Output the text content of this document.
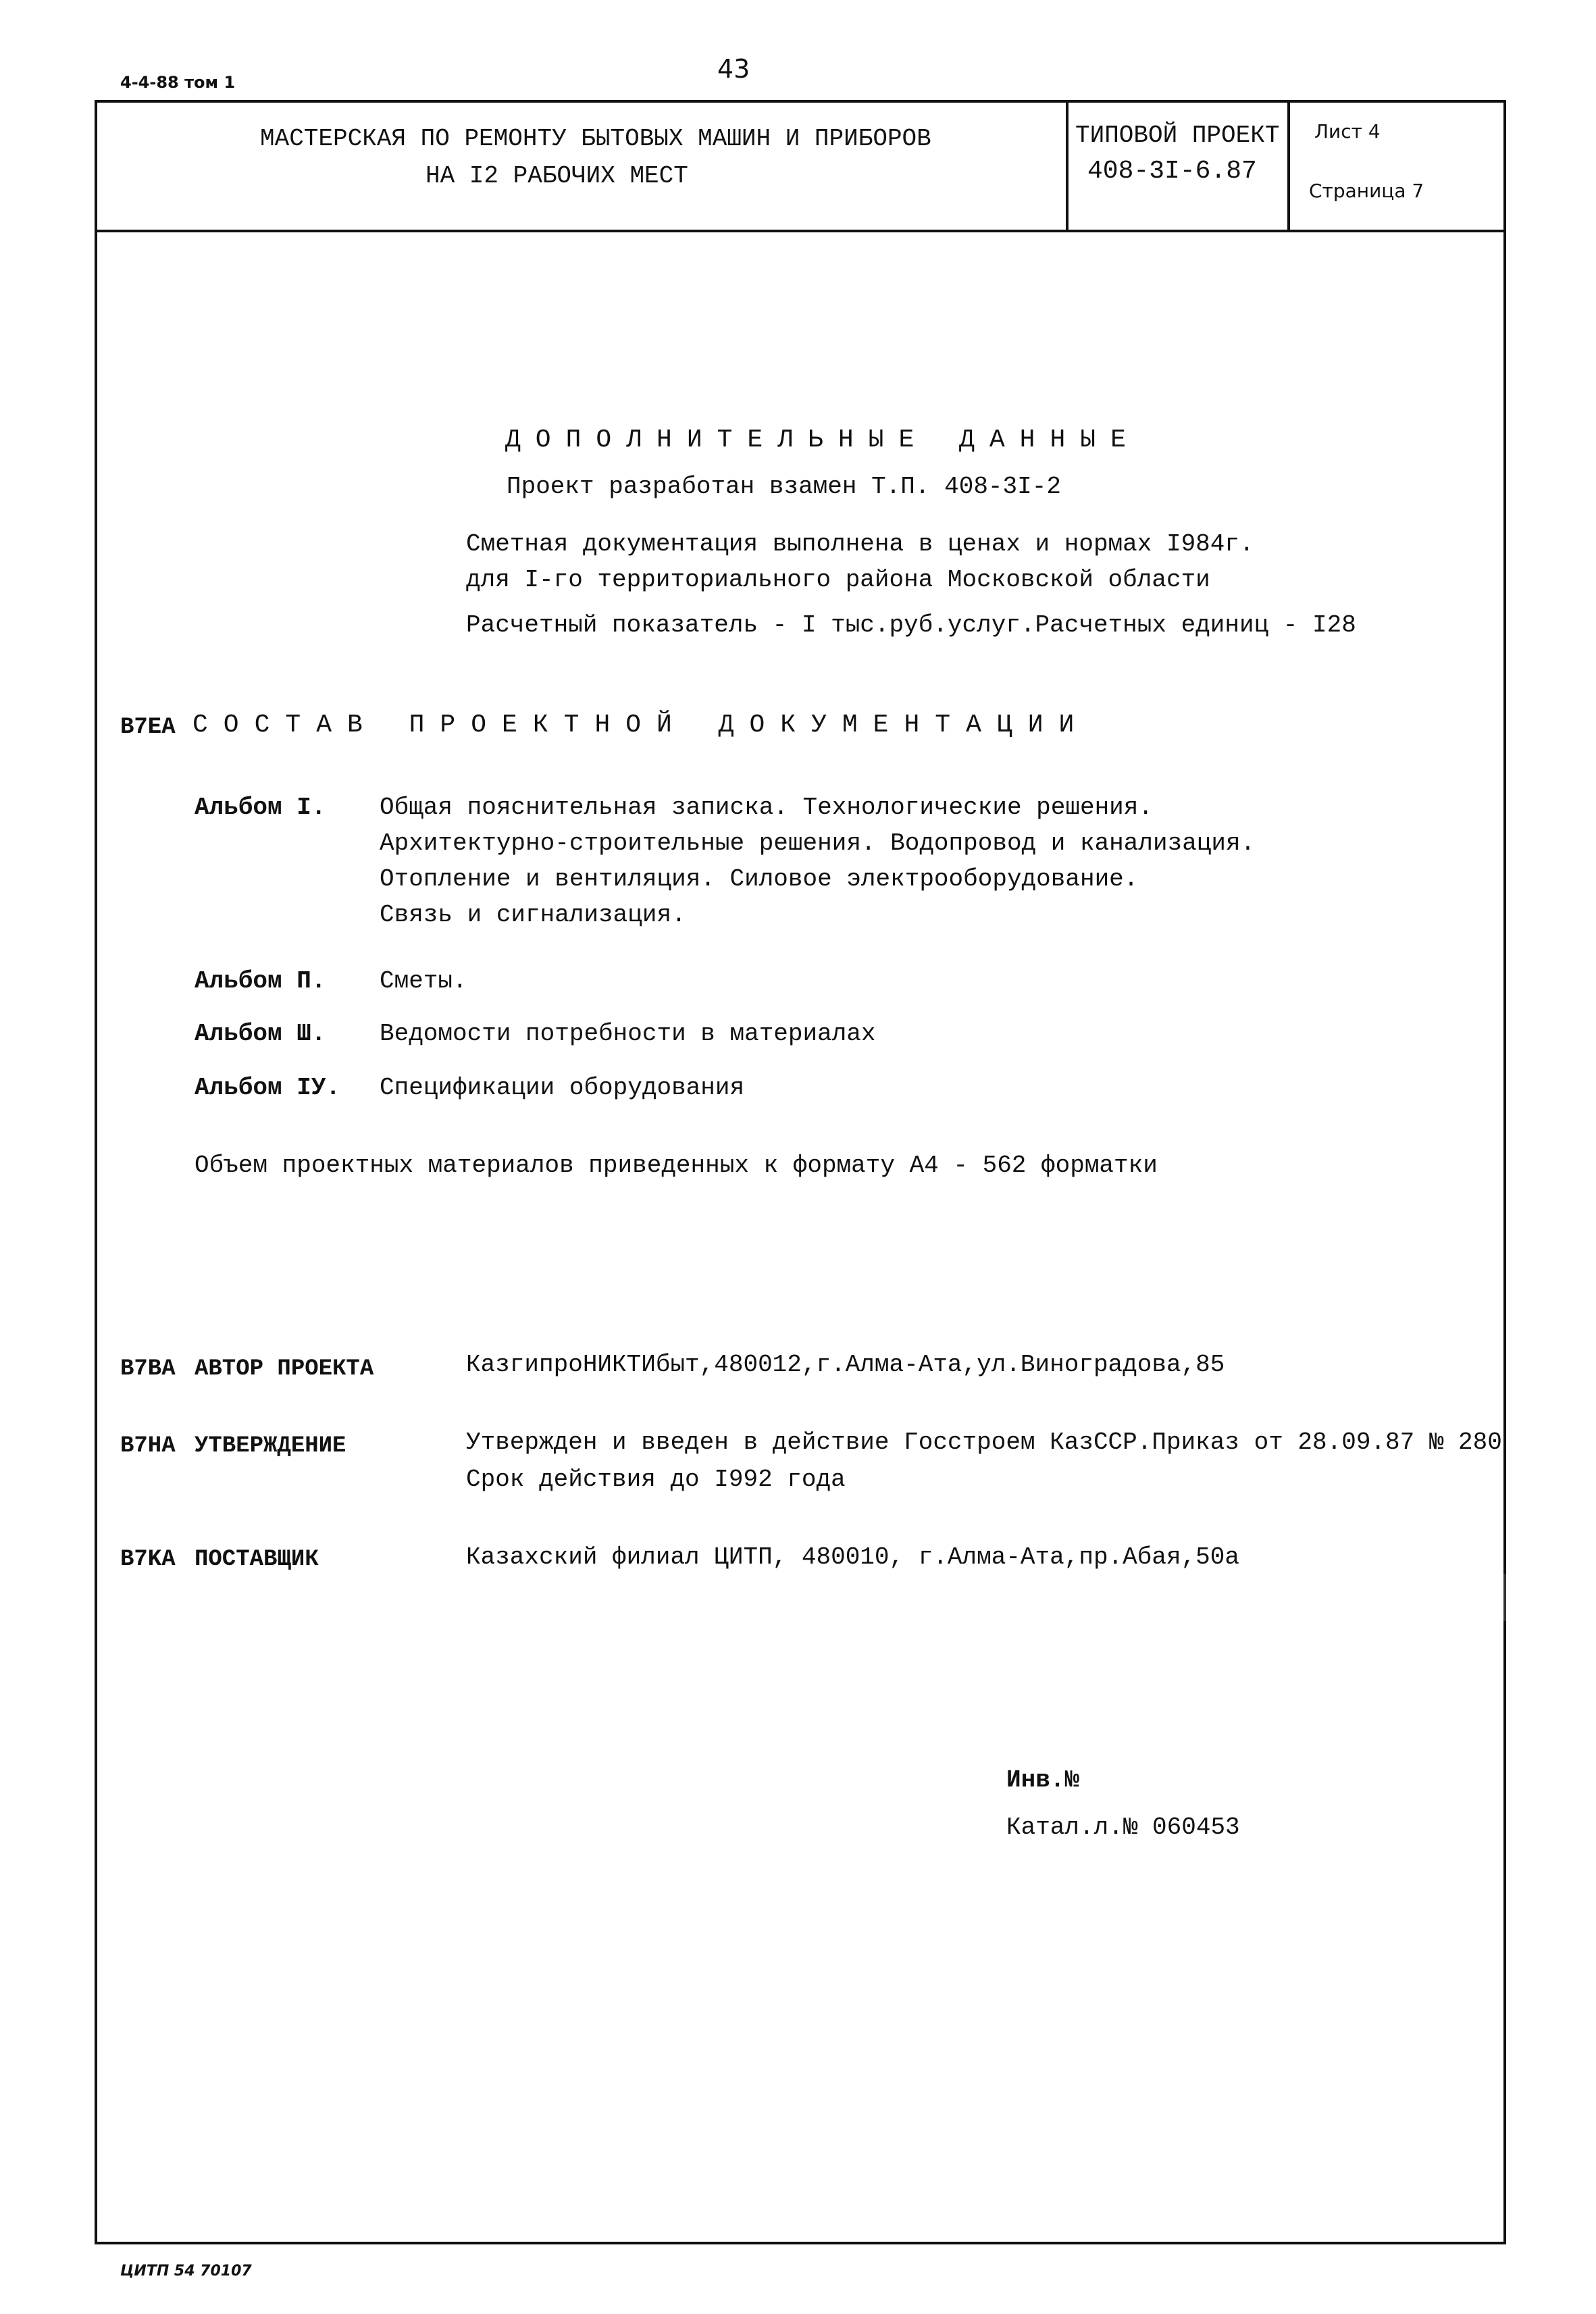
4-4-88 том 1	43
МАСТЕРСКАЯ ПО РЕМОНТУ БЫТОВЫХ МАШИН И ПРИБОРОВ
НА I2 РАБОЧИХ МЕСТ
ТИПОВОЙ ПРОЕКТ
408-3I-6.87
Лист 4
Страница 7
ДОПОЛНИТЕЛЬНЫЕ ДАННЫЕ
Проект разработан взамен Т.П. 408-3I-2
Сметная документация выполнена в ценах и нормах I984г.
для I-го территориального района Московской области
Расчетный показатель - I тыс.руб.услуг.Расчетных единиц - I28
B7EA СОСТАВ ПРОЕКТНОЙ ДОКУМЕНТАЦИИ
Альбом I. Общая пояснительная записка. Технологические решения.
Архитектурно-строительные решения. Водопровод и канализация.
Отопление и вентиляция. Силовое электрооборудование.
Связь и сигнализация.
Альбом П. Сметы.
Альбом Ш. Ведомости потребности в материалах
Альбом IУ. Спецификации оборудования
Объем проектных материалов приведенных к формату А4 - 562 форматки
B7BA АВТОР ПРОЕКТА	КазгипроНИКТИбыт,480012,г.Алма-Ата,ул.Виноградова,85
B7HA УТВЕРЖДЕНИЕ	Утвержден и введен в действие Госстроем КазССР.Приказ от 28.09.87 № 280
Срок действия до I992 года
B7KA ПОСТАВЩИК	Казахский филиал ЦИТП, 480010, г.Алма-Ата,пр.Абая,50а
Инв.№
Катал.л.№ 060453
ЦИТП 54 70107
